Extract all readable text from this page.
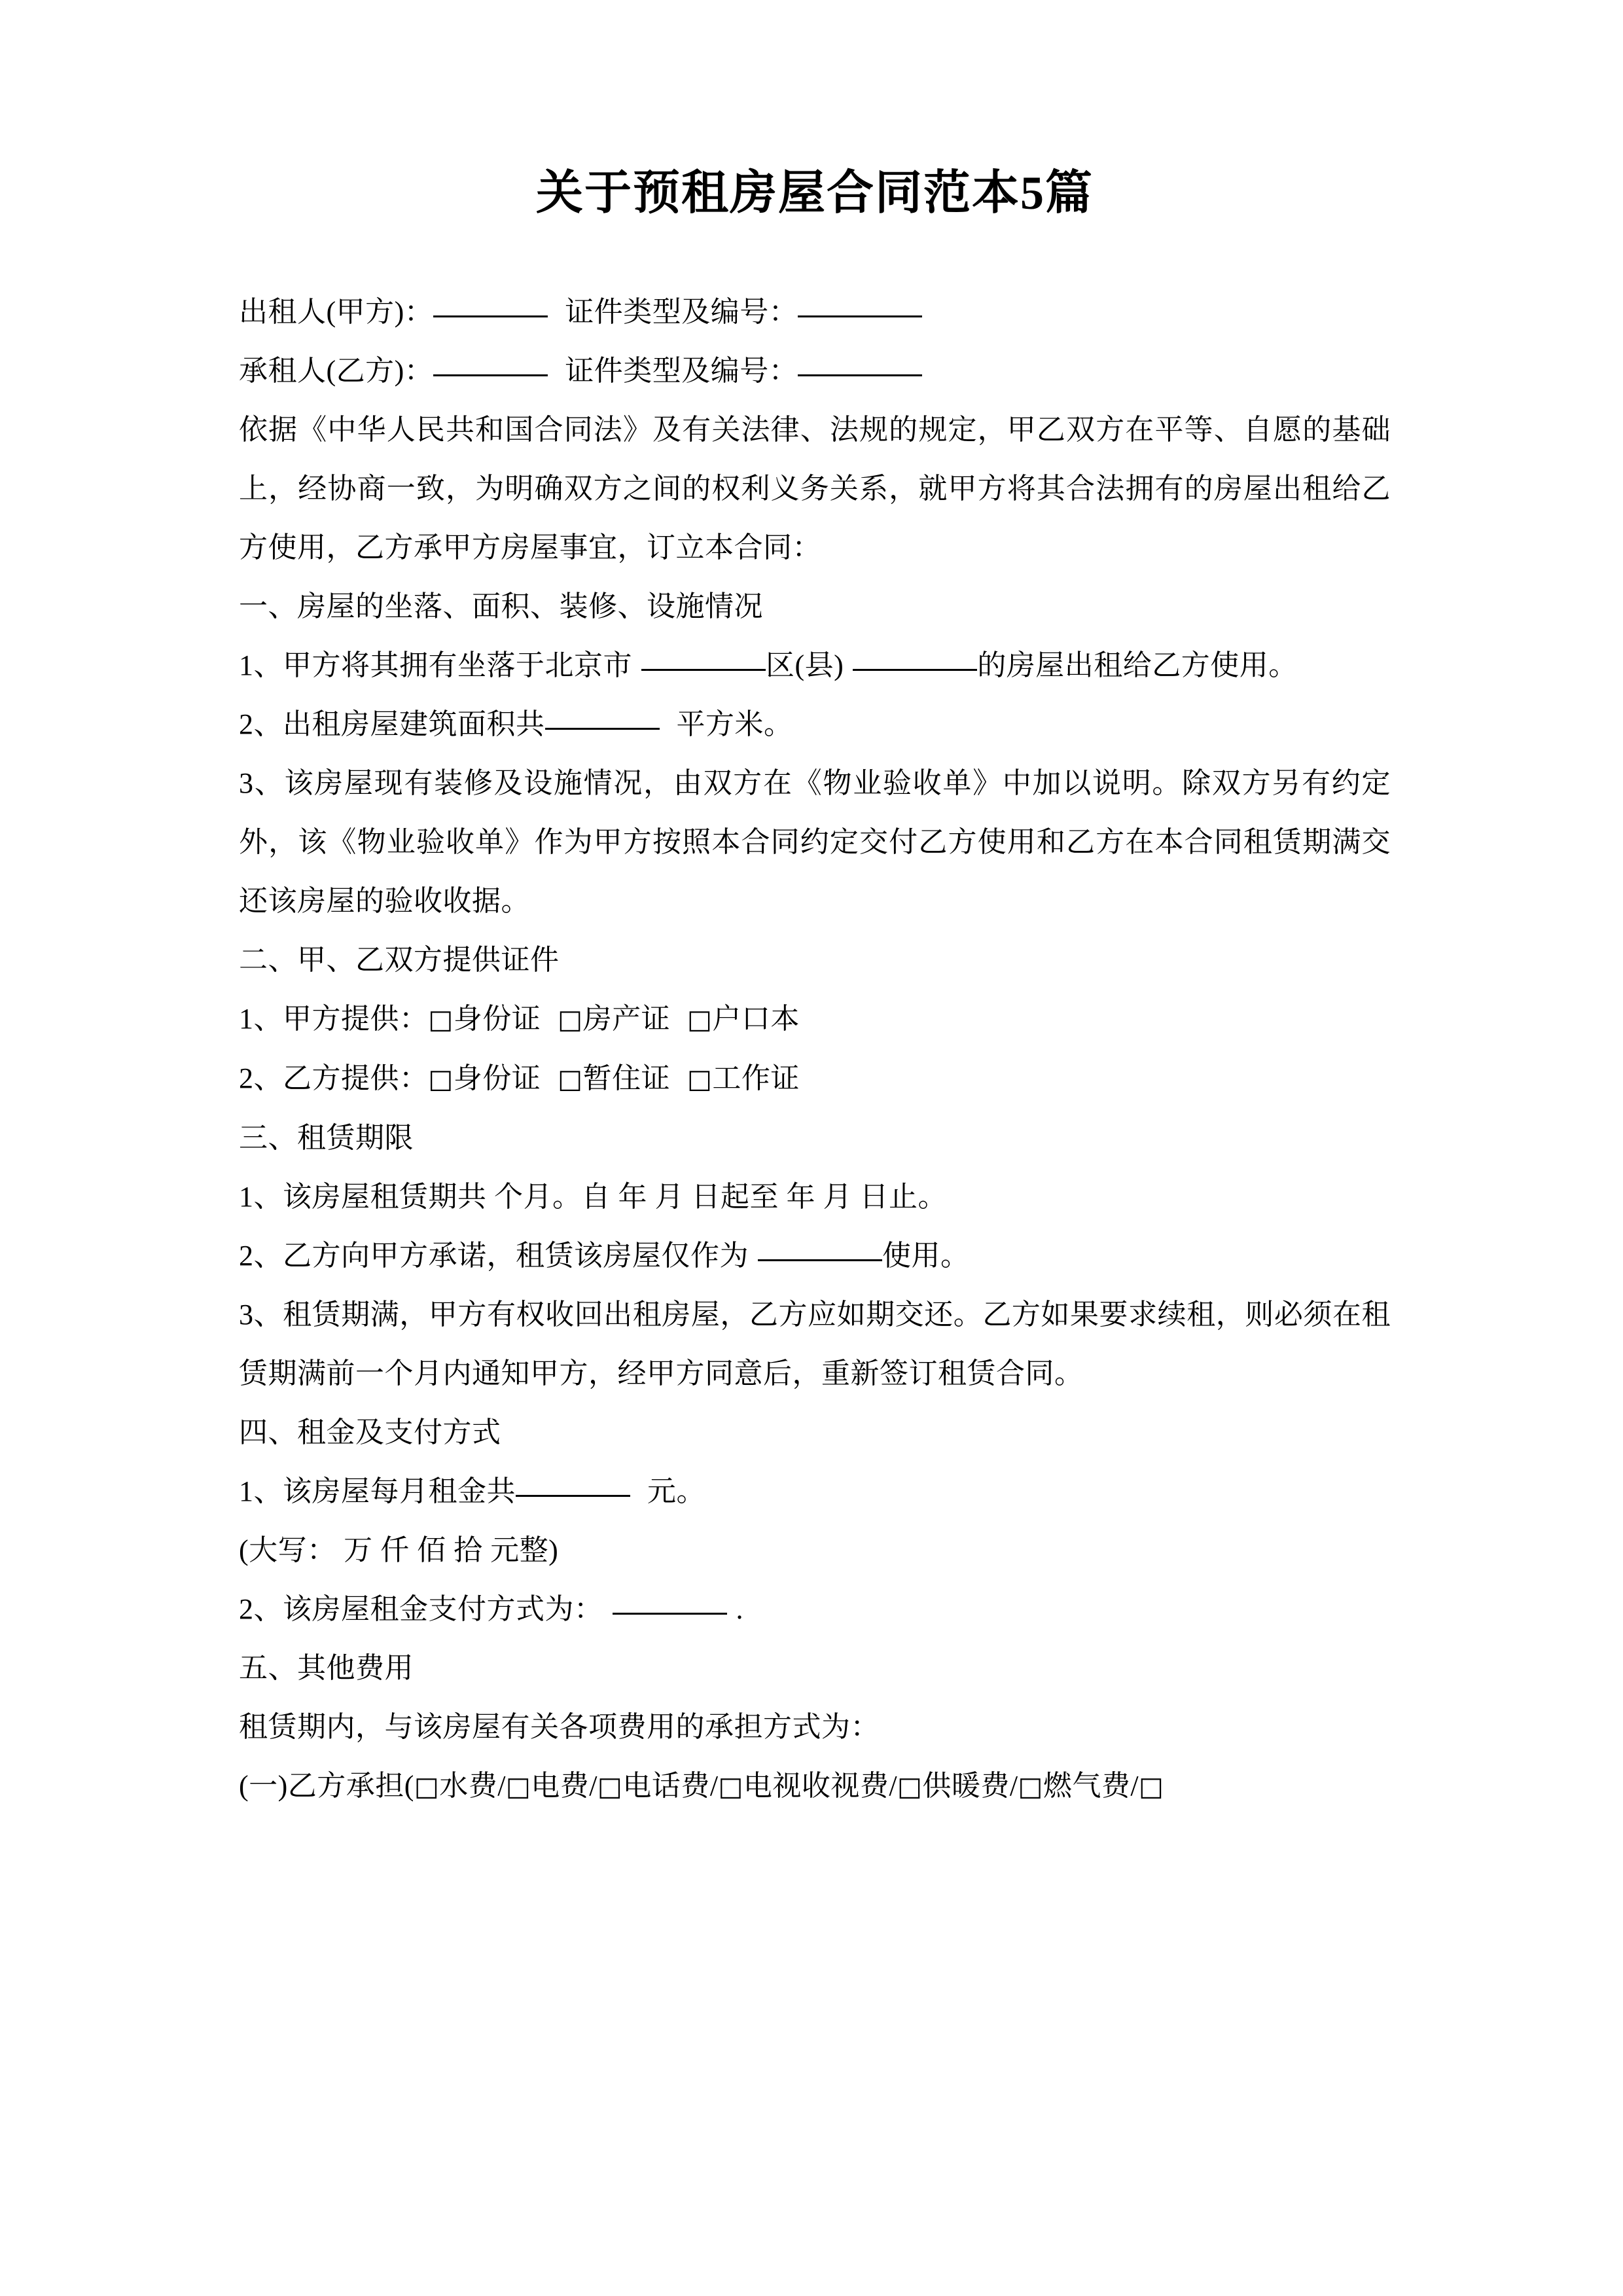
关于预租房屋合同范本5篇

出租人(甲方)：	证件类型及编号：

承租人(乙方)：	证件类型及编号：

依据《中华人民共和国合同法》及有关法律、法规的规定，甲乙双方在平等、自愿的基础上，经协商一致，为明确双方之间的权利义务关系，就甲方将其合法拥有的房屋出租给乙方使用，乙方承甲方房屋事宜，订立本合同：

一、房屋的坐落、面积、装修、设施情况

1、甲方将其拥有坐落于北京市	区(县)	的房屋出租给乙方使用。

2、出租房屋建筑面积共	平方米。

3、该房屋现有装修及设施情况，由双方在《物业验收单》中加以说明。除双方另有约定外，该《物业验收单》作为甲方按照本合同约定交付乙方使用和乙方在本合同租赁期满交还该房屋的验收收据。

二、甲、乙双方提供证件

1、甲方提供：□身份证 □房产证 □户口本

2、乙方提供：□身份证 □暂住证 □工作证

三、租赁期限

1、该房屋租赁期共 个月。自 年 月 日起至 年 月 日止。

2、乙方向甲方承诺，租赁该房屋仅作为	使用。

3、租赁期满，甲方有权收回出租房屋，乙方应如期交还。乙方如果要求续租，则必须在租赁期满前一个月内通知甲方，经甲方同意后，重新签订租赁合同。

四、租金及支付方式

1、该房屋每月租金共	元。

(大写： 万 仟 佰 拾 元整)

2、该房屋租金支付方式为：	.

五、其他费用

租赁期内，与该房屋有关各项费用的承担方式为：

(一)乙方承担(□水费/□电费/□电话费/□电视收视费/□供暖费/□燃气费/□
